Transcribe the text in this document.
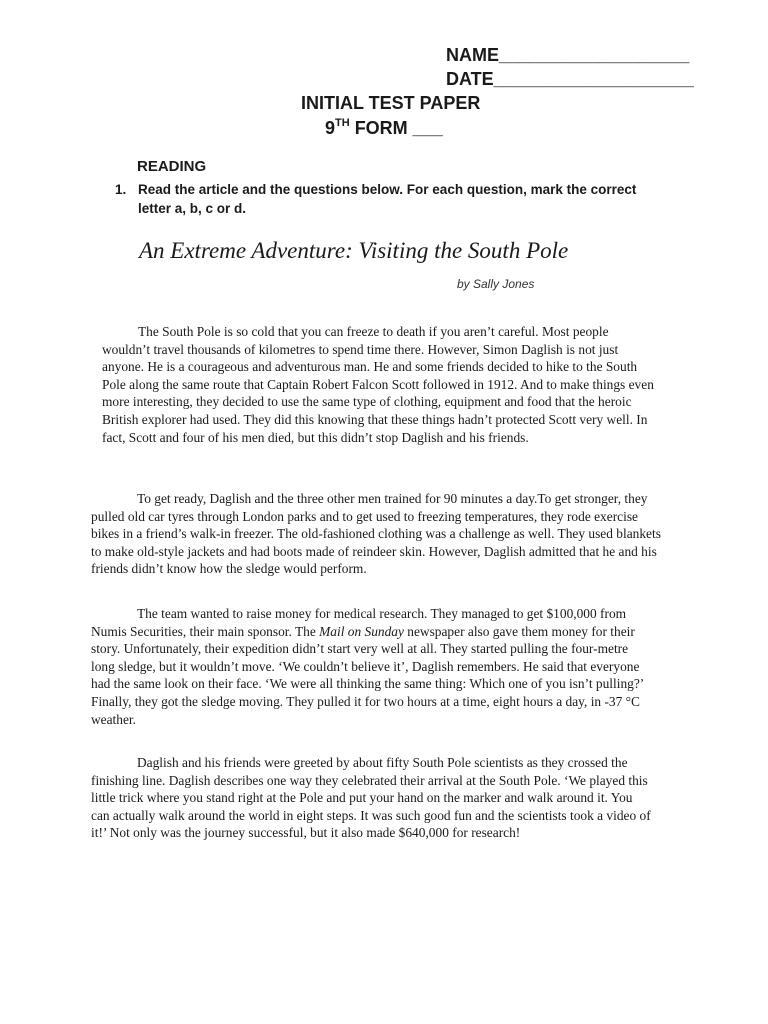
NAME___________________
DATE____________________
INITIAL TEST PAPER
9TH FORM ___
READING
1. Read the article and the questions below. For each question, mark the correct letter a, b, c or d.
An Extreme Adventure: Visiting the South Pole
by Sally Jones

The South Pole is so cold that you can freeze to death if you aren’t careful. Most people wouldn’t travel thousands of kilometres to spend time there. However, Simon Daglish is not just anyone. He is a courageous and adventurous man. He and some friends decided to hike to the South Pole along the same route that Captain Robert Falcon Scott followed in 1912. And to make things even more interesting, they decided to use the same type of clothing, equipment and food that the heroic British explorer had used. They did this knowing that these things hadn’t protected Scott very well. In fact, Scott and four of his men died, but this didn’t stop Daglish and his friends.

To get ready, Daglish and the three other men trained for 90 minutes a day.To get stronger, they pulled old car tyres through London parks and to get used to freezing temperatures, they rode exercise bikes in a friend’s walk-in freezer. The old-fashioned clothing was a challenge as well. They used blankets to make old-style jackets and had boots made of reindeer skin. However, Daglish admitted that he and his friends didn’t know how the sledge would perform.

The team wanted to raise money for medical research. They managed to get $100,000 from Numis Securities, their main sponsor. The Mail on Sunday newspaper also gave them money for their story. Unfortunately, their expedition didn’t start very well at all. They started pulling the four-metre long sledge, but it wouldn’t move. ‘We couldn’t believe it’, Daglish remembers. He said that everyone had the same look on their face. ‘We were all thinking the same thing: Which one of you isn’t pulling?’ Finally, they got the sledge moving. They pulled it for two hours at a time, eight hours a day, in -37 °C weather.

Daglish and his friends were greeted by about fifty South Pole scientists as they crossed the finishing line. Daglish describes one way they celebrated their arrival at the South Pole. ‘We played this little trick where you stand right at the Pole and put your hand on the marker and walk around it. You can actually walk around the world in eight steps. It was such good fun and the scientists took a video of it!’ Not only was the journey successful, but it also made $640,000 for research!
